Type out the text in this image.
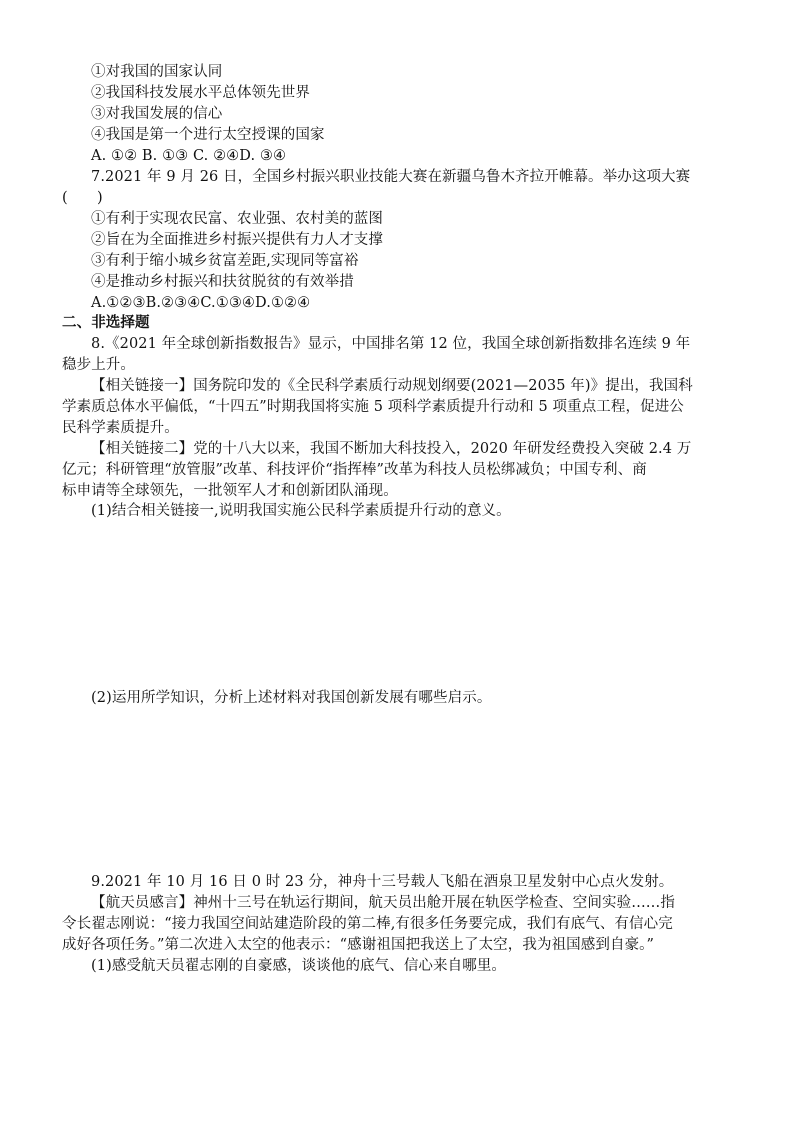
①对我国的国家认同
②我国科技发展水平总体领先世界
③对我国发展的信心
④我国是第一个进行太空授课的国家
A. ①② B. ①③ C. ②④D. ③④
7.2021 年 9 月 26 日，全国乡村振兴职业技能大赛在新疆乌鲁木齐拉开帷幕。举办这项大赛
(　　)
①有利于实现农民富、农业强、农村美的蓝图
②旨在为全面推进乡村振兴提供有力人才支撑
③有利于缩小城乡贫富差距,实现同等富裕
④是推动乡村振兴和扶贫脱贫的有效举措
A.①②③B.②③④C.①③④D.①②④
二、非选择题
8.《2021 年全球创新指数报告》显示，中国排名第 12 位，我国全球创新指数排名连续 9 年
稳步上升。
【相关链接一】国务院印发的《全民科学素质行动规划纲要(2021—2035 年)》提出，我国科
学素质总体水平偏低，“十四五”时期我国将实施 5 项科学素质提升行动和 5 项重点工程，促进公
民科学素质提升。
【相关链接二】党的十八大以来，我国不断加大科技投入，2020 年研发经费投入突破 2.4 万
亿元；科研管理“放管服”改革、科技评价“指挥棒”改革为科技人员松绑减负；中国专利、商
标申请等全球领先，一批领军人才和创新团队涌现。
(1)结合相关链接一,说明我国实施公民科学素质提升行动的意义。
(2)运用所学知识，分析上述材料对我国创新发展有哪些启示。
9.2021 年 10 月 16 日 0 时 23 分，神舟十三号载人飞船在酒泉卫星发射中心点火发射。
【航天员感言】神州十三号在轨运行期间，航天员出舱开展在轨医学检查、空间实验……指
令长翟志刚说：“接力我国空间站建造阶段的第二棒,有很多任务要完成，我们有底气、有信心完
成好各项任务。”第二次进入太空的他表示：“感谢祖国把我送上了太空，我为祖国感到自豪。”
(1)感受航天员翟志刚的自豪感，谈谈他的底气、信心来自哪里。
